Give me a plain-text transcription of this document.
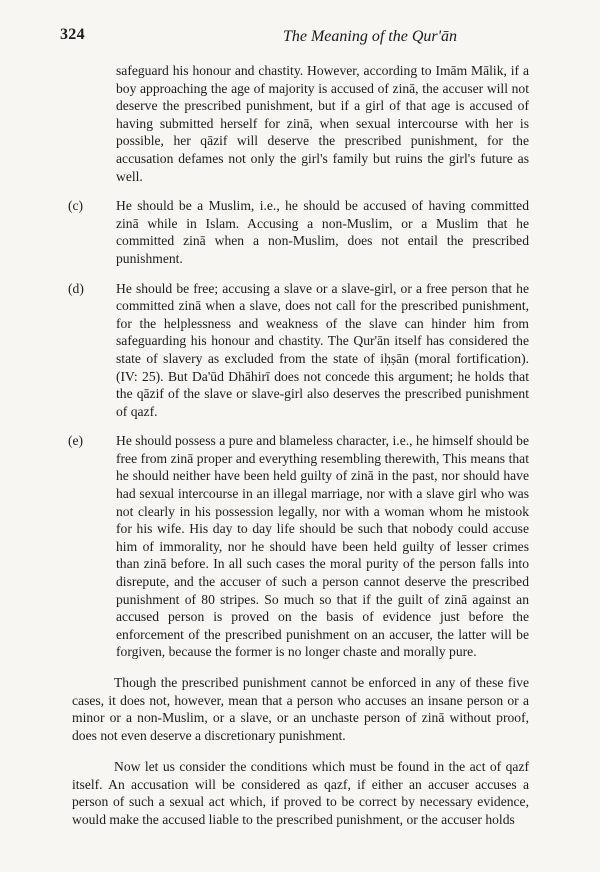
324	The Meaning of the Qur'ān
safeguard his honour and chastity. However, according to Imām Mālik, if a boy approaching the age of majority is accused of zinā, the accuser will not deserve the prescribed punishment, but if a girl of that age is accused of having submitted herself for zinā, when sexual intercourse with her is possible, her qāzif will deserve the prescribed punishment, for the accusation defames not only the girl's family but ruins the girl's future as well.
(c) He should be a Muslim, i.e., he should be accused of having committed zinā while in Islam. Accusing a non-Muslim, or a Muslim that he committed zinā when a non-Muslim, does not entail the prescribed punishment.
(d) He should be free; accusing a slave or a slave-girl, or a free person that he committed zinā when a slave, does not call for the prescribed punishment, for the helplessness and weakness of the slave can hinder him from safeguarding his honour and chastity. The Qur'ān itself has considered the state of slavery as excluded from the state of iḥṣān (moral fortification). (IV: 25). But Da'ūd Dhāhirī does not concede this argument; he holds that the qāzif of the slave or slave-girl also deserves the prescribed punishment of qazf.
(e) He should possess a pure and blameless character, i.e., he himself should be free from zinā proper and everything resembling therewith, This means that he should neither have been held guilty of zinā in the past, nor should have had sexual intercourse in an illegal marriage, nor with a slave girl who was not clearly in his possession legally, nor with a woman whom he mistook for his wife. His day to day life should be such that nobody could accuse him of immorality, nor he should have been held guilty of lesser crimes than zinā before. In all such cases the moral purity of the person falls into disrepute, and the accuser of such a person cannot deserve the prescribed punishment of 80 stripes. So much so that if the guilt of zinā against an accused person is proved on the basis of evidence just before the enforcement of the prescribed punishment on an accuser, the latter will be forgiven, because the former is no longer chaste and morally pure.

Though the prescribed punishment cannot be enforced in any of these five cases, it does not, however, mean that a person who accuses an insane person or a minor or a non-Muslim, or a slave, or an unchaste person of zinā without proof, does not even deserve a discretionary punishment.

Now let us consider the conditions which must be found in the act of qazf itself. An accusation will be considered as qazf, if either an accuser accuses a person of such a sexual act which, if proved to be correct by necessary evidence, would make the accused liable to the prescribed punishment, or the accuser holds
